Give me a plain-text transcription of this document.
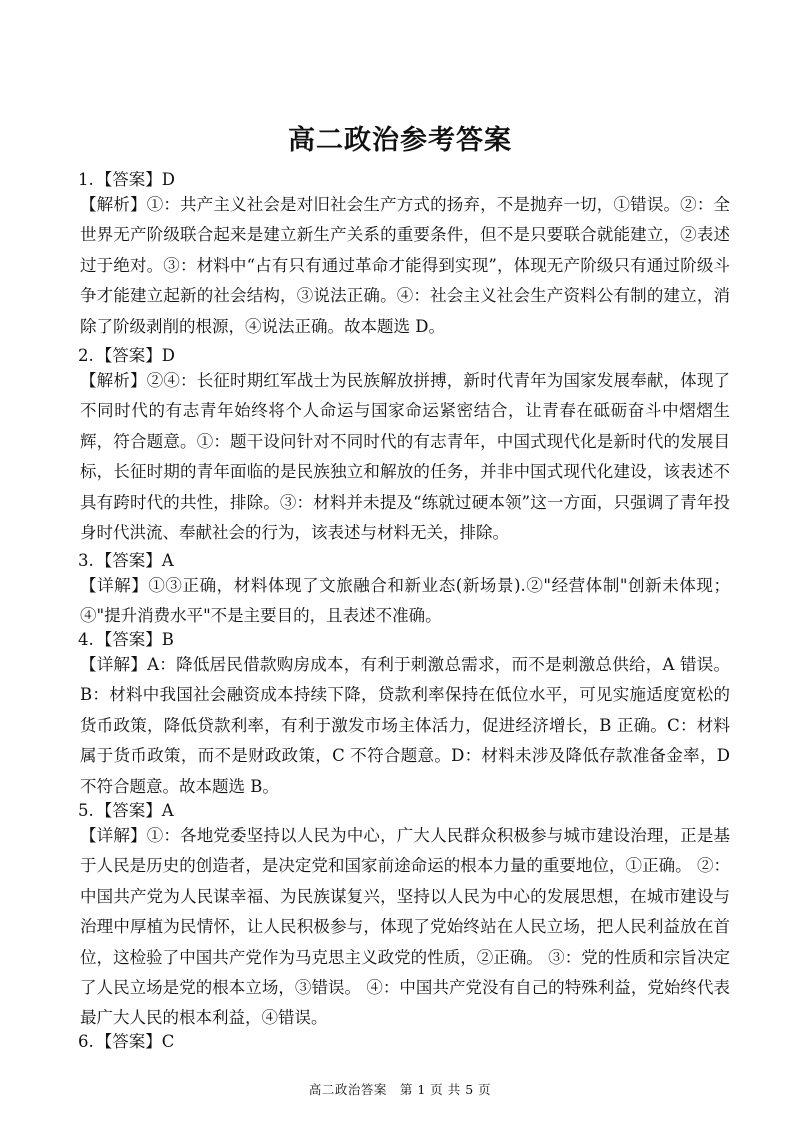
高二政治参考答案
1. 【答案】D
【解析】①：共产主义社会是对旧社会生产方式的扬弃，不是抛弃一切，①错误。②：全世界无产阶级联合起来是建立新生产关系的重要条件，但不是只要联合就能建立，②表述过于绝对。③：材料中“占有只有通过革命才能得到实现”，体现无产阶级只有通过阶级斗争才能建立起新的社会结构，③说法正确。④：社会主义社会生产资料公有制的建立，消除了阶级剥削的根源，④说法正确。故本题选 D。
2. 【答案】D
【解析】②④：长征时期红军战士为民族解放拼搏，新时代青年为国家发展奉献，体现了不同时代的有志青年始终将个人命运与国家命运紧密结合，让青春在砥砺奋斗中熠熠生辉，符合题意。①：题干设问针对不同时代的有志青年，中国式现代化是新时代的发展目标，长征时期的青年面临的是民族独立和解放的任务，并非中国式现代化建设，该表述不具有跨时代的共性，排除。③：材料并未提及“练就过硬本领”这一方面，只强调了青年投身时代洪流、奉献社会的行为，该表述与材料无关，排除。
3. 【答案】A
【详解】①③正确，材料体现了文旅融合和新业态(新场景).②"经营体制"创新未体现；④"提升消费水平"不是主要目的，且表述不准确。
4. 【答案】B
【详解】A：降低居民借款购房成本，有利于刺激总需求，而不是刺激总供给，A 错误。B：材料中我国社会融资成本持续下降，贷款利率保持在低位水平，可见实施适度宽松的货币政策，降低贷款利率，有利于激发市场主体活力，促进经济增长，B 正确。C：材料属于货币政策，而不是财政政策，C 不符合题意。D：材料未涉及降低存款准备金率，D 不符合题意。故本题选 B。
5. 【答案】A
【详解】①：各地党委坚持以人民为中心，广大人民群众积极参与城市建设治理，正是基于人民是历史的创造者，是决定党和国家前途命运的根本力量的重要地位，①正确。 ②：中国共产党为人民谋幸福、为民族谋复兴，坚持以人民为中心的发展思想，在城市建设与治理中厚植为民情怀，让人民积极参与，体现了党始终站在人民立场，把人民利益放在首位，这检验了中国共产党作为马克思主义政党的性质，②正确。 ③：党的性质和宗旨决定了人民立场是党的根本立场，③错误。 ④：中国共产党没有自己的特殊利益，党始终代表最广大人民的根本利益，④错误。
6. 【答案】C
高二政治答案　第 1 页 共 5 页
